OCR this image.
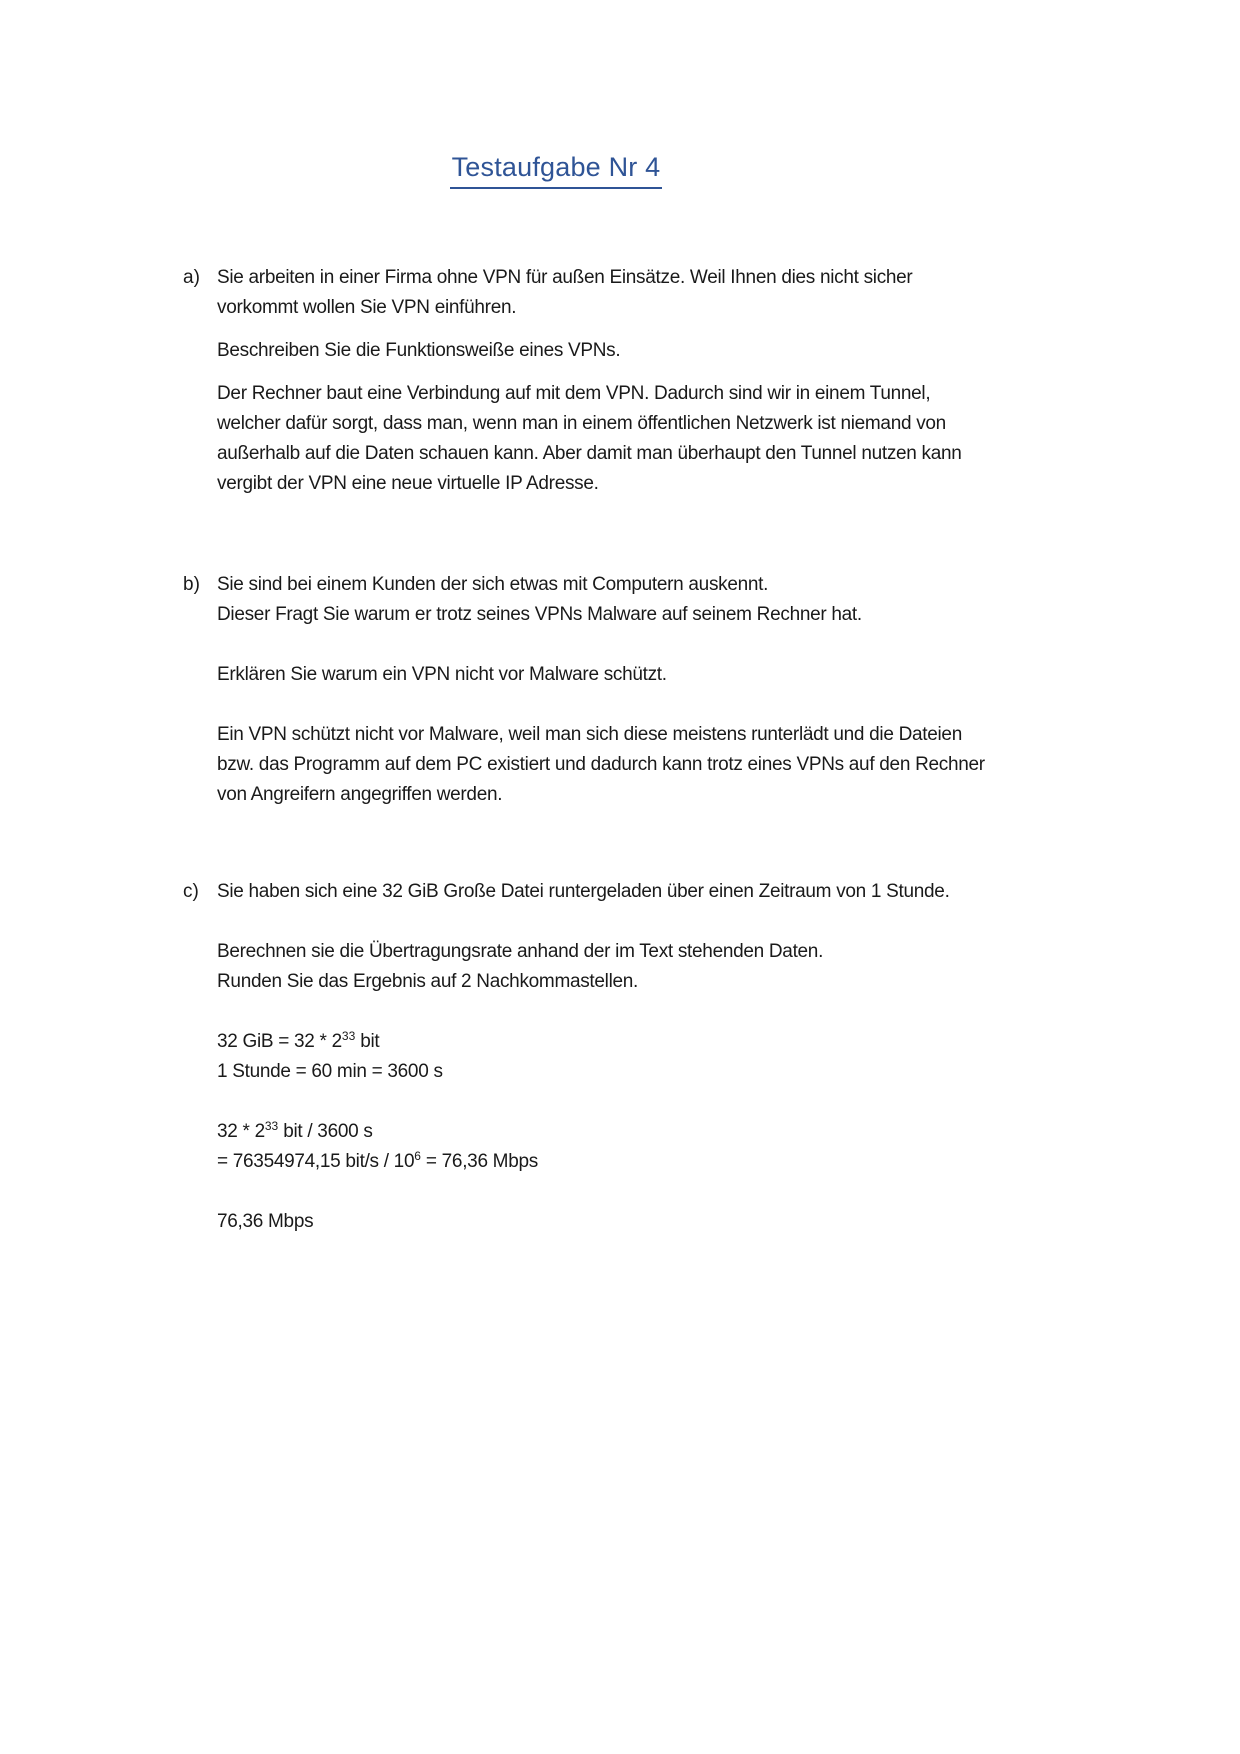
Testaufgabe Nr 4
a) Sie arbeiten in einer Firma ohne VPN für außen Einsätze. Weil Ihnen dies nicht sicher
vorkommt wollen Sie VPN einführen.

Beschreiben Sie die Funktionsweiße eines VPNs.

Der Rechner baut eine Verbindung auf mit dem VPN. Dadurch sind wir in einem Tunnel,
welcher dafür sorgt, dass man, wenn man in einem öffentlichen Netzwerk ist niemand von
außerhalb auf die Daten schauen kann. Aber damit man überhaupt den Tunnel nutzen kann
vergibt der VPN eine neue virtuelle IP Adresse.

b) Sie sind bei einem Kunden der sich etwas mit Computern auskennt.
Dieser Fragt Sie warum er trotz seines VPNs Malware auf seinem Rechner hat.

Erklären Sie warum ein VPN nicht vor Malware schützt.

Ein VPN schützt nicht vor Malware, weil man sich diese meistens runterlädt und die Dateien
bzw. das Programm auf dem PC existiert und dadurch kann trotz eines VPNs auf den Rechner
von Angreifern angegriffen werden.

c) Sie haben sich eine 32 GiB Große Datei runtergeladen über einen Zeitraum von 1 Stunde.

Berechnen sie die Übertragungsrate anhand der im Text stehenden Daten.
Runden Sie das Ergebnis auf 2 Nachkommastellen.

32 GiB = $32 * 2^{33}$ bit
1 Stunde = 60 min = 3600 s

$32 * 2^{33}$ bit / 3600 s
= 76354974,15 $bit/s / 10^6 = 76,36$ Mbps

76,36 Mbps
